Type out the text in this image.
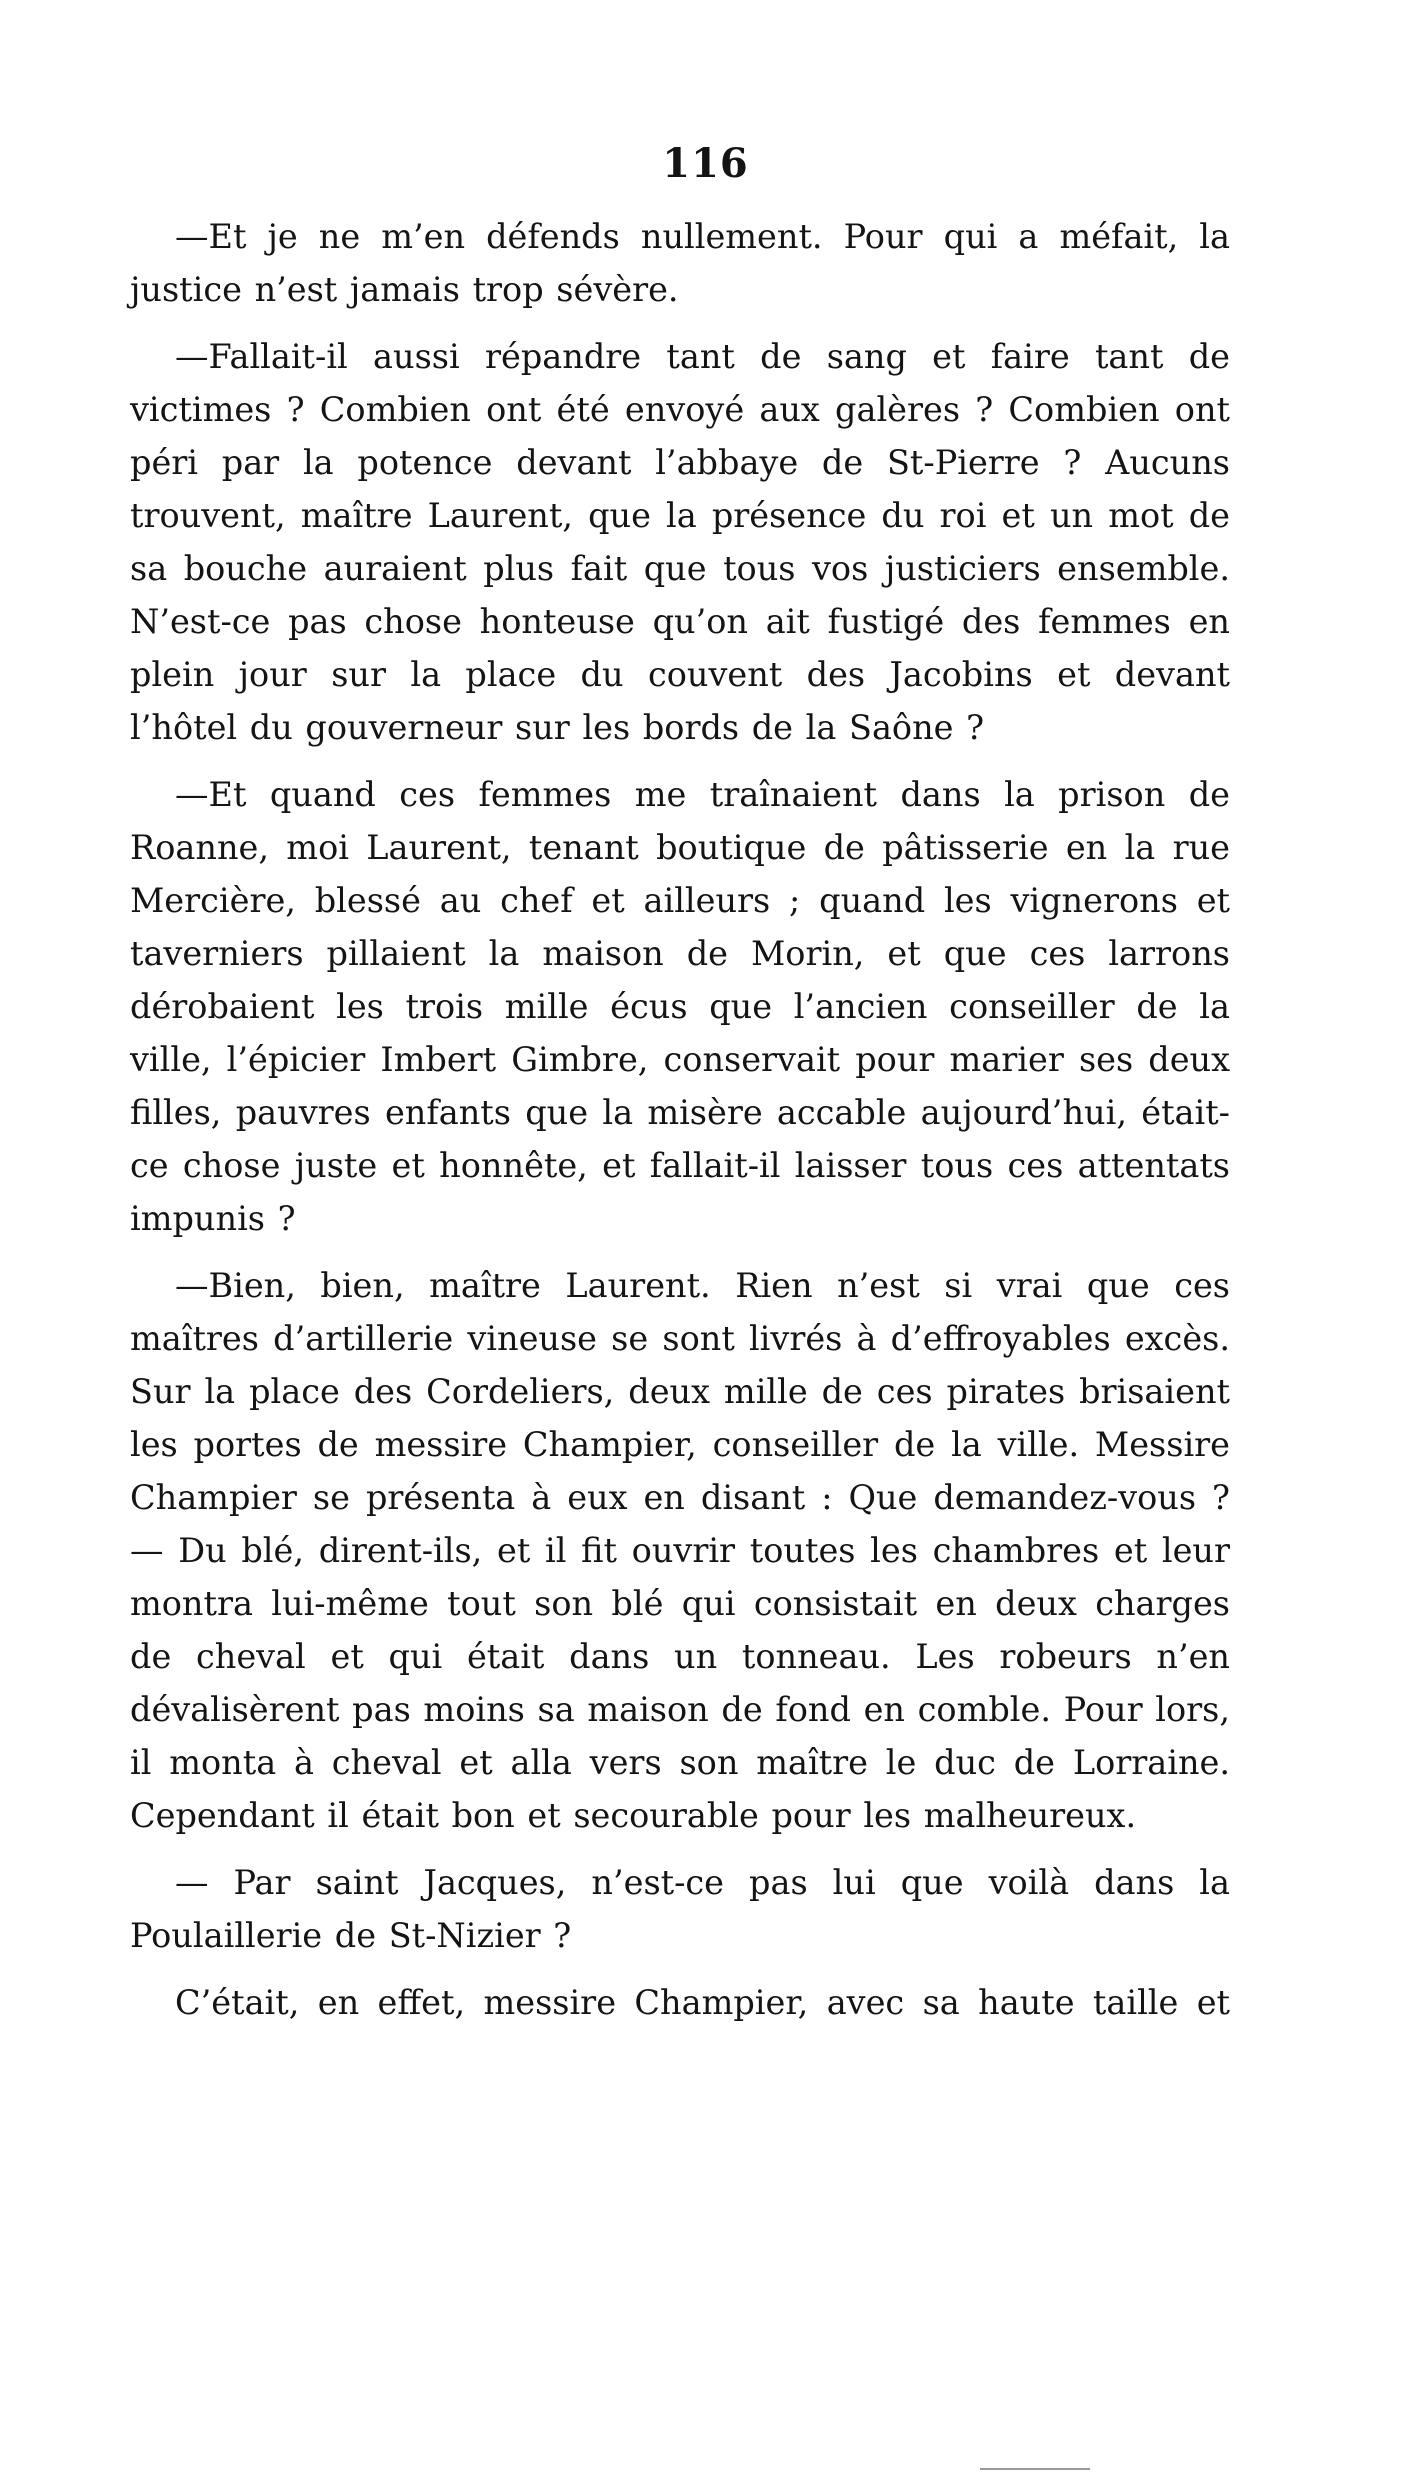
116

—Et je ne m’en défends nullement. Pour qui a méfait, la justice n’est jamais trop sévère.

—Fallait-il aussi répandre tant de sang et faire tant de victimes ? Combien ont été envoyé aux galères ? Combien ont péri par la potence devant l’abbaye de St-Pierre ? Aucuns trouvent, maître Laurent, que la présence du roi et un mot de sa bouche auraient plus fait que tous vos justiciers ensemble. N’est-ce pas chose honteuse qu’on ait fustigé des femmes en plein jour sur la place du couvent des Jacobins et devant l’hôtel du gouverneur sur les bords de la Saône ?

—Et quand ces femmes me traînaient dans la prison de Roanne, moi Laurent, tenant boutique de pâtisserie en la rue Mercière, blessé au chef et ailleurs ; quand les vignerons et taverniers pillaient la maison de Morin, et que ces larrons dérobaient les trois mille écus que l’ancien conseiller de la ville, l’épicier Imbert Gimbre, conservait pour marier ses deux filles, pauvres enfants que la misère accable aujourd’hui, était-ce chose juste et honnête, et fallait-il laisser tous ces attentats impunis ?

—Bien, bien, maître Laurent. Rien n’est si vrai que ces maîtres d’artillerie vineuse se sont livrés à d’effroyables excès. Sur la place des Cordeliers, deux mille de ces pirates brisaient les portes de messire Champier, conseiller de la ville. Messire Champier se présenta à eux en disant : Que demandez-vous ? — Du blé, dirent-ils, et il fit ouvrir toutes les chambres et leur montra lui-même tout son blé qui consistait en deux charges de cheval et qui était dans un tonneau. Les robeurs n’en dévalisèrent pas moins sa maison de fond en comble. Pour lors, il monta à cheval et alla vers son maître le duc de Lorraine. Cependant il était bon et secourable pour les malheureux.

— Par saint Jacques, n’est-ce pas lui que voilà dans la Poulaillerie de St-Nizier ?

C’était, en effet, messire Champier, avec sa haute taille et
